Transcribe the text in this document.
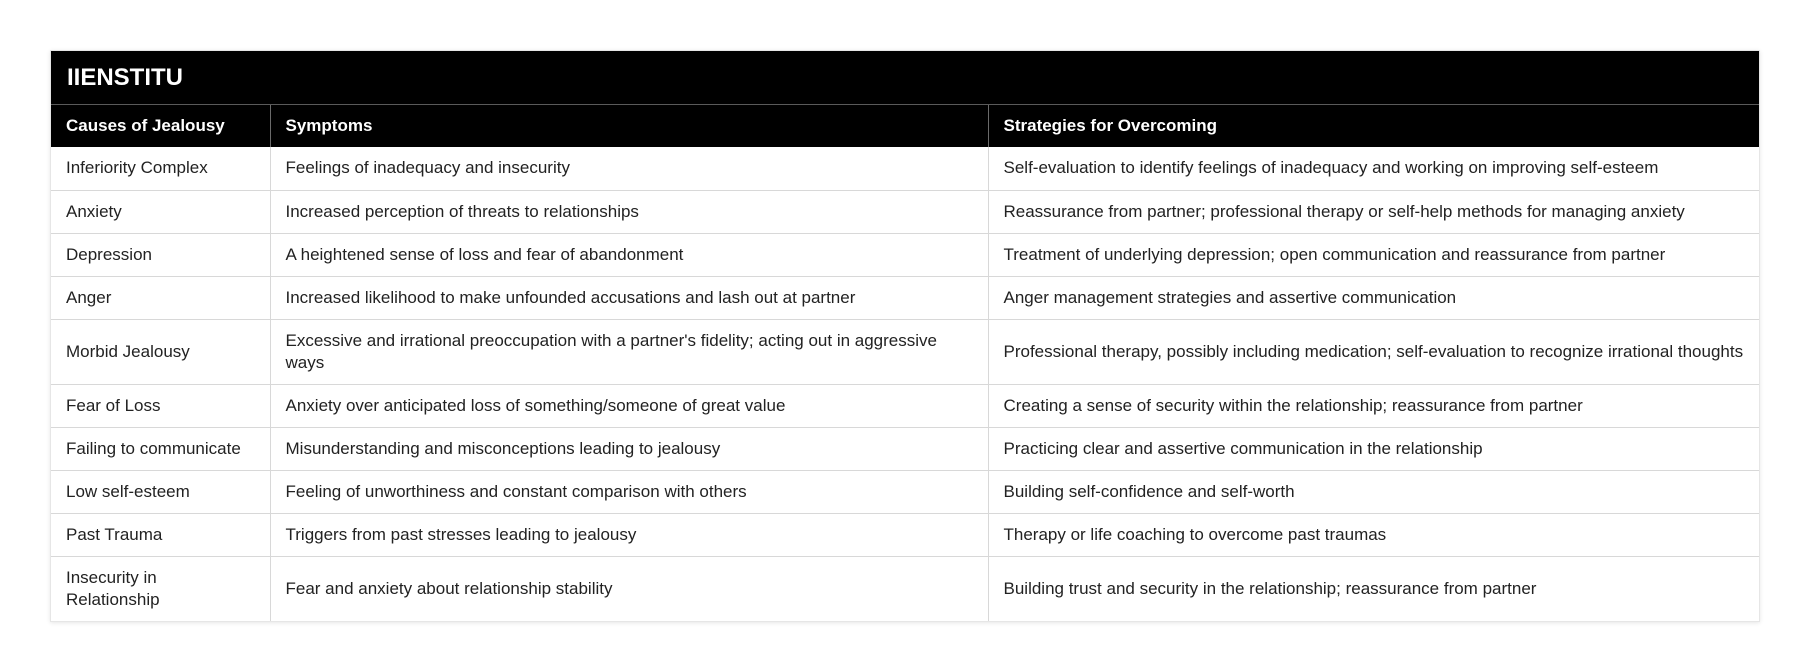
IIENSTITU
Causes of Jealousy	Symptoms	Strategies for Overcoming
Inferiority Complex	Feelings of inadequacy and insecurity	Self-evaluation to identify feelings of inadequacy and working on improving self-esteem
Anxiety	Increased perception of threats to relationships	Reassurance from partner; professional therapy or self-help methods for managing anxiety
Depression	A heightened sense of loss and fear of abandonment	Treatment of underlying depression; open communication and reassurance from partner
Anger	Increased likelihood to make unfounded accusations and lash out at partner	Anger management strategies and assertive communication
Morbid Jealousy	Excessive and irrational preoccupation with a partner's fidelity; acting out in aggressive ways	Professional therapy, possibly including medication; self-evaluation to recognize irrational thoughts
Fear of Loss	Anxiety over anticipated loss of something/someone of great value	Creating a sense of security within the relationship; reassurance from partner
Failing to communicate	Misunderstanding and misconceptions leading to jealousy	Practicing clear and assertive communication in the relationship
Low self-esteem	Feeling of unworthiness and constant comparison with others	Building self-confidence and self-worth
Past Trauma	Triggers from past stresses leading to jealousy	Therapy or life coaching to overcome past traumas
Insecurity in Relationship	Fear and anxiety about relationship stability	Building trust and security in the relationship; reassurance from partner
